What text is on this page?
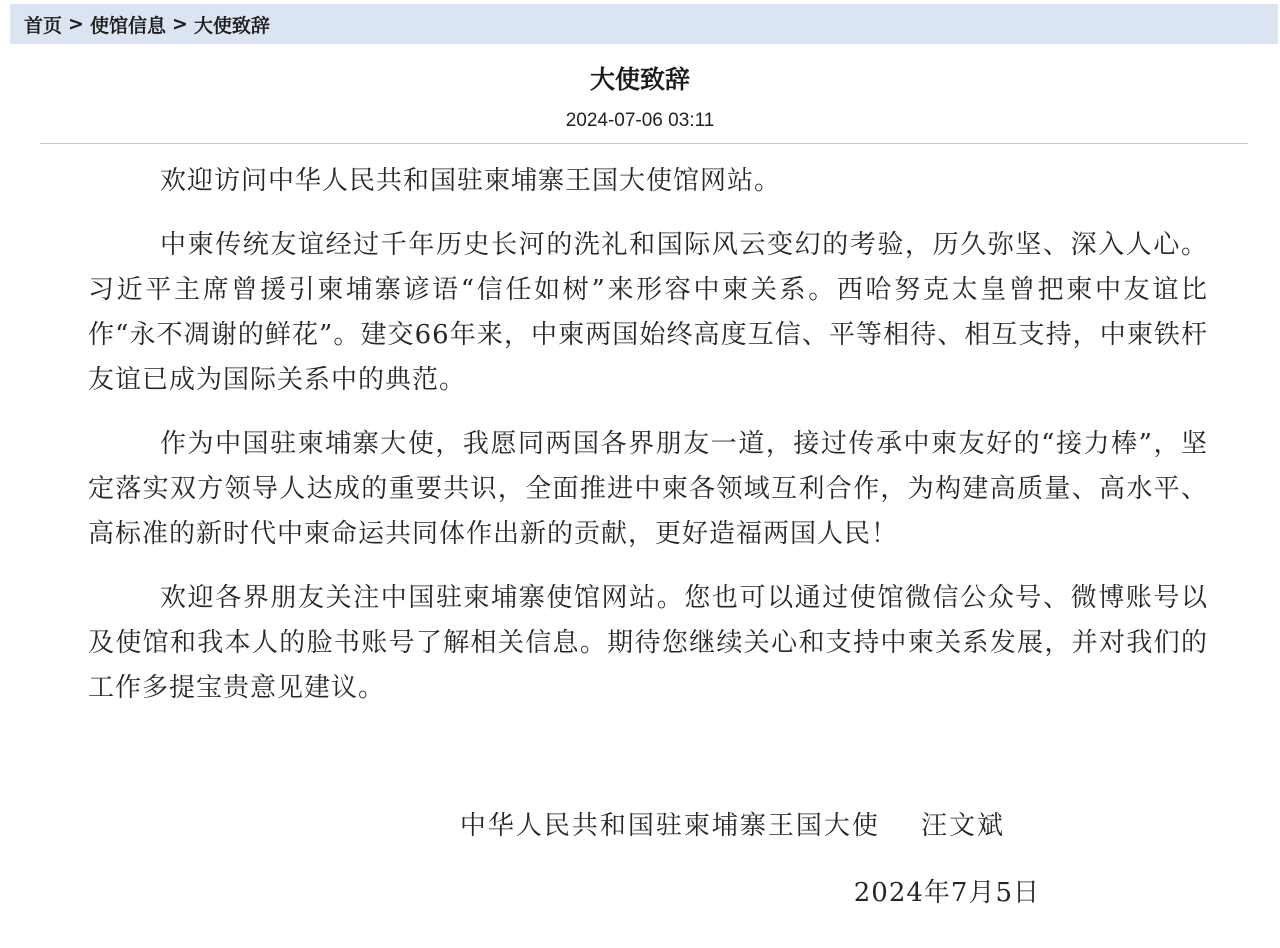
首页 > 使馆信息 > 大使致辞
大使致辞
2024-07-06 03:11

欢迎访问中华人民共和国驻柬埔寨王国大使馆网站。

中柬传统友谊经过千年历史长河的洗礼和国际风云变幻的考验，历久弥坚、深入人心。习近平主席曾援引柬埔寨谚语“信任如树”来形容中柬关系。西哈努克太皇曾把柬中友谊比作“永不凋谢的鲜花”。建交66年来，中柬两国始终高度互信、平等相待、相互支持，中柬铁杆友谊已成为国际关系中的典范。

作为中国驻柬埔寨大使，我愿同两国各界朋友一道，接过传承中柬友好的“接力棒”，坚定落实双方领导人达成的重要共识，全面推进中柬各领域互利合作，为构建高质量、高水平、高标准的新时代中柬命运共同体作出新的贡献，更好造福两国人民！

欢迎各界朋友关注中国驻柬埔寨使馆网站。您也可以通过使馆微信公众号、微博账号以及使馆和我本人的脸书账号了解相关信息。期待您继续关心和支持中柬关系发展，并对我们的工作多提宝贵意见建议。

中华人民共和国驻柬埔寨王国大使 汪文斌
2024年7月5日
